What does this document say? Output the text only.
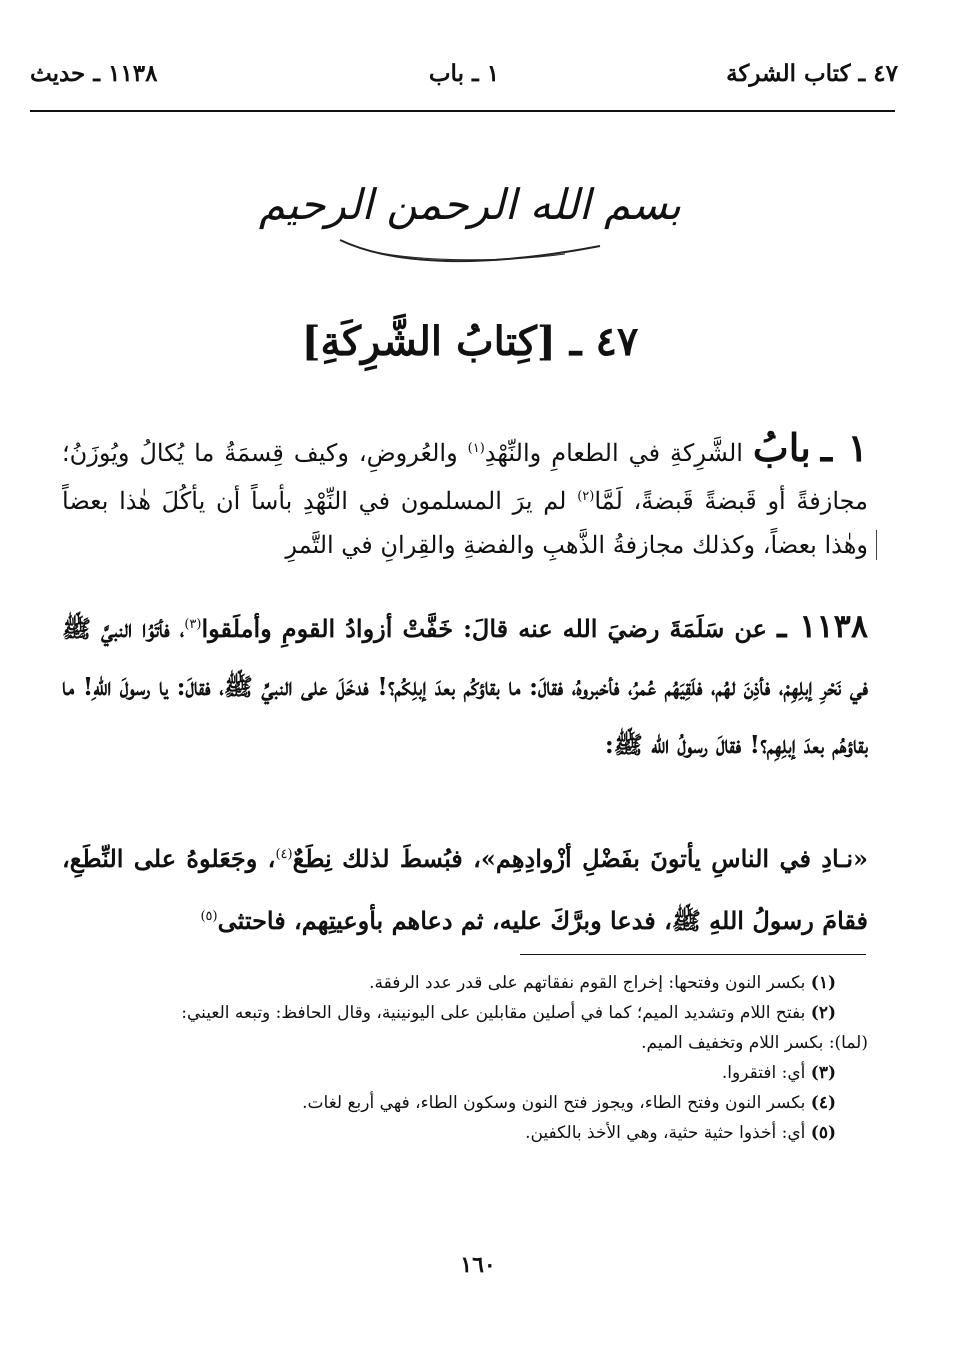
٤٧ ـ كتاب الشركة
١ ـ باب
١١٣٨ ـ حديث
بسم الله الرحمن الرحيم
٤٧ ـ [كِتابُ الشَّرِكَةِ]
١ ـ بابُ الشَّرِكةِ في الطعامِ والنِّهْدِ$^{(١)}$ والعُروضِ، وكيف قِسمَةُ ما يُكالُ ويُوزَنُ؛ مجازفةً أو قَبضةً قَبضةً، لَمَّا$^{(٢)}$ لم يرَ المسلمون في النِّهْدِ بأساً أن يأكُلَ هٰذا بعضاً وهٰذا بعضاً، وكذلك مجازفةُ الذَّهبِ والفضةِ والقِرانِ في التَّمرِ
١١٣٨ ـ عن سَلَمَةَ رضيَ الله عنه قالَ: خَفَّتْ أزوادُ القومِ وأملَقوا$^{(٣)}$، فأتَوُا النبيَّ ﷺ في نَحْرِ إبلِهِمْ، فأذِنَ لهُم، فلَقِيَهُم عُمرُ، فأخبروهُ، فقالَ: ما بقاؤكُم بعدَ إبلِكُم؟! فدخَلَ على النبيِّ ﷺ، فقالَ: يا رسولَ اللهِ! ما بقاؤهُم بعدَ إبلِهِم؟! فقالَ رسولُ الله ﷺ:
«نـادِ في الناسِ يأتونَ بفَضْلِ أزْوادِهِم»، فبُسطَ لذلك نِطَعٌ$^{(٤)}$، وجَعَلوهُ على النِّطَعِ، فقامَ رسولُ اللهِ ﷺ، فدعا وبرَّكَ عليه، ثم دعاهم بأوعيتِهم، فاحتثى$^{(٥)}$
(١) بكسر النون وفتحها: إخراج القوم نفقاتهم على قدر عدد الرفقة.
(٢) بفتح اللام وتشديد الميم؛ كما في أصلين مقابلين على اليونينية، وقال الحافظ: وتبعه العيني:
(لما): بكسر اللام وتخفيف الميم.
(٣) أي: افتقروا.
(٤) بكسر النون وفتح الطاء، ويجوز فتح النون وسكون الطاء، فهي أربع لغات.
(٥) أي: أخذوا حثية حثية، وهي الأخذ بالكفين.
١٦٠
